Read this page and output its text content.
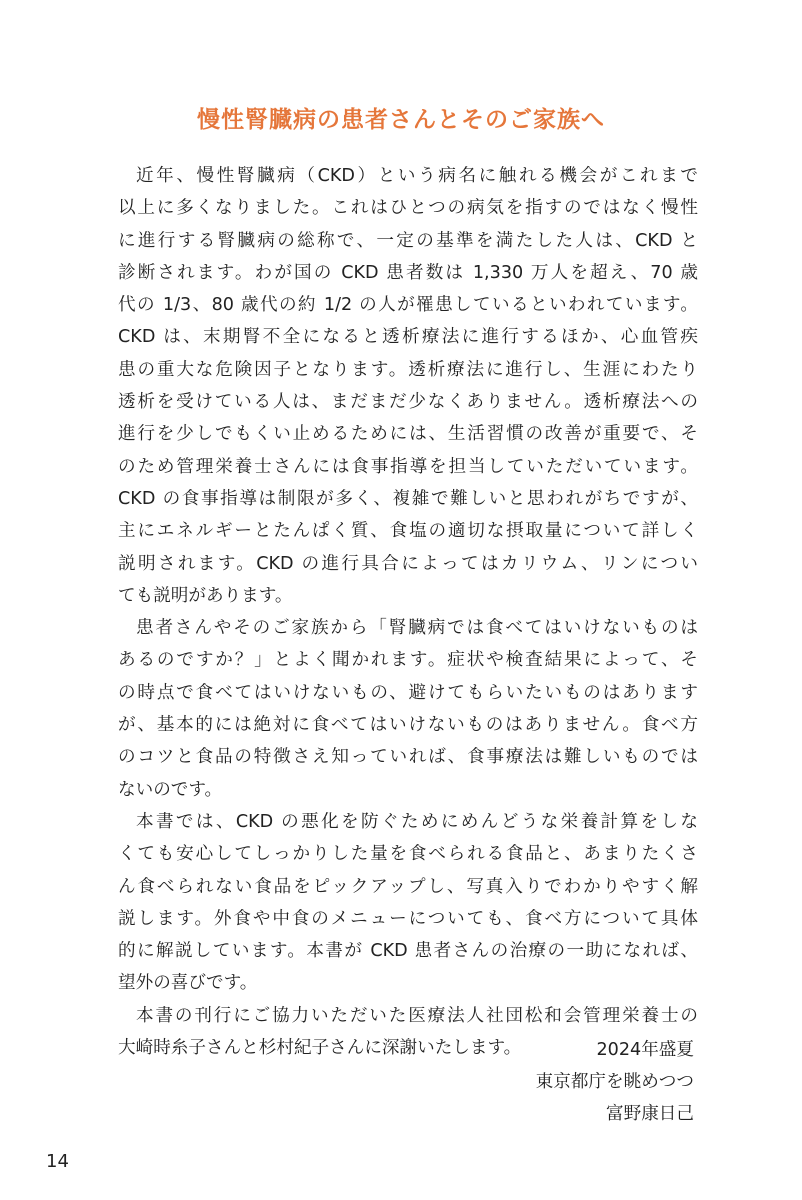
慢性腎臓病の患者さんとそのご家族へ
近年、慢性腎臓病（CKD）という病名に触れる機会がこれまで
以上に多くなりました。これはひとつの病気を指すのではなく慢性
に進行する腎臓病の総称で、一定の基準を満たした人は、CKD と
診断されます。わが国の CKD 患者数は 1,330 万人を超え、70 歳
代の 1/3、80 歳代の約 1/2 の人が罹患しているといわれています。
CKD は、末期腎不全になると透析療法に進行するほか、心血管疾
患の重大な危険因子となります。透析療法に進行し、生涯にわたり
透析を受けている人は、まだまだ少なくありません。透析療法への
進行を少しでもくい止めるためには、生活習慣の改善が重要で、そ
のため管理栄養士さんには食事指導を担当していただいています。
CKD の食事指導は制限が多く、複雑で難しいと思われがちですが、
主にエネルギーとたんぱく質、食塩の適切な摂取量について詳しく
説明されます。CKD の進行具合によってはカリウム、リンについ
ても説明があります。
患者さんやそのご家族から「腎臓病では食べてはいけないものは
あるのですか？」とよく聞かれます。症状や検査結果によって、そ
の時点で食べてはいけないもの、避けてもらいたいものはあります
が、基本的には絶対に食べてはいけないものはありません。食べ方
のコツと食品の特徴さえ知っていれば、食事療法は難しいものでは
ないのです。
本書では、CKD の悪化を防ぐためにめんどうな栄養計算をしな
くても安心してしっかりした量を食べられる食品と、あまりたくさ
ん食べられない食品をピックアップし、写真入りでわかりやすく解
説します。外食や中食のメニューについても、食べ方について具体
的に解説しています。本書が CKD 患者さんの治療の一助になれば、
望外の喜びです。
本書の刊行にご協力いただいた医療法人社団松和会管理栄養士の
大崎時糸子さんと杉村紀子さんに深謝いたします。	2024年盛夏
東京都庁を眺めつつ
富野康日己
14
